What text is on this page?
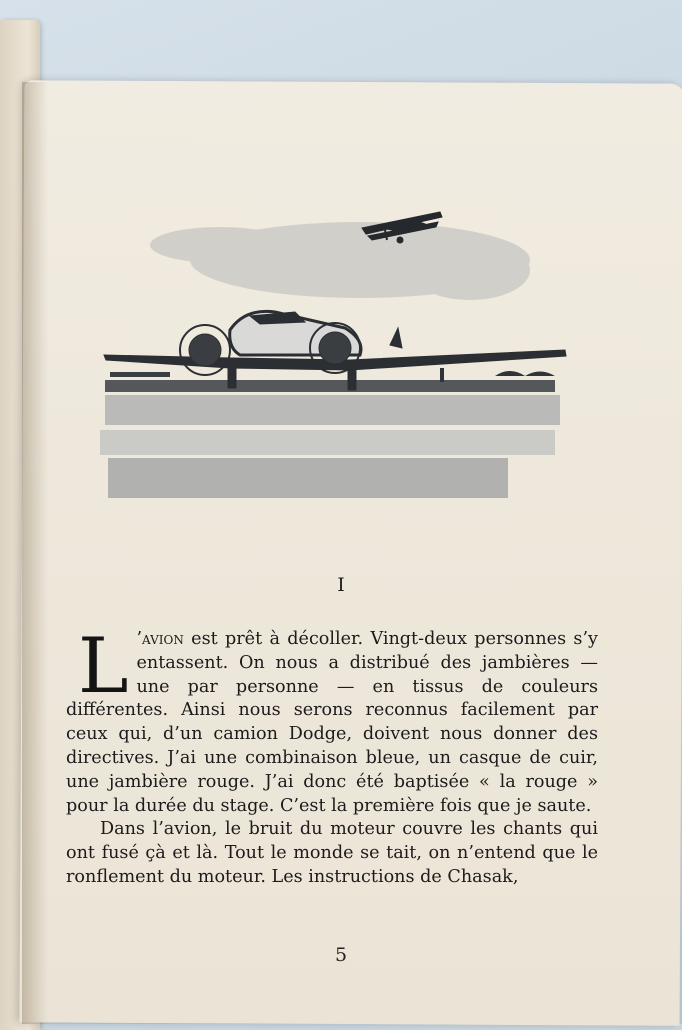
I

L ’avion est prêt à décoller. Vingt-deux personnes s’y entassent. On nous a distribué des jambières — une par personne — en tissus de couleurs différentes. Ainsi nous serons reconnus facilement par ceux qui, d’un camion Dodge, doivent nous donner des directives. J’ai une combinaison bleue, un casque de cuir, une jambière rouge. J’ai donc été baptisée « la rouge » pour la durée du stage. C’est la première fois que je saute.

Dans l’avion, le bruit du moteur couvre les chants qui ont fusé çà et là. Tout le monde se tait, on n’entend que le ronflement du moteur. Les instructions de Chasak,

5
